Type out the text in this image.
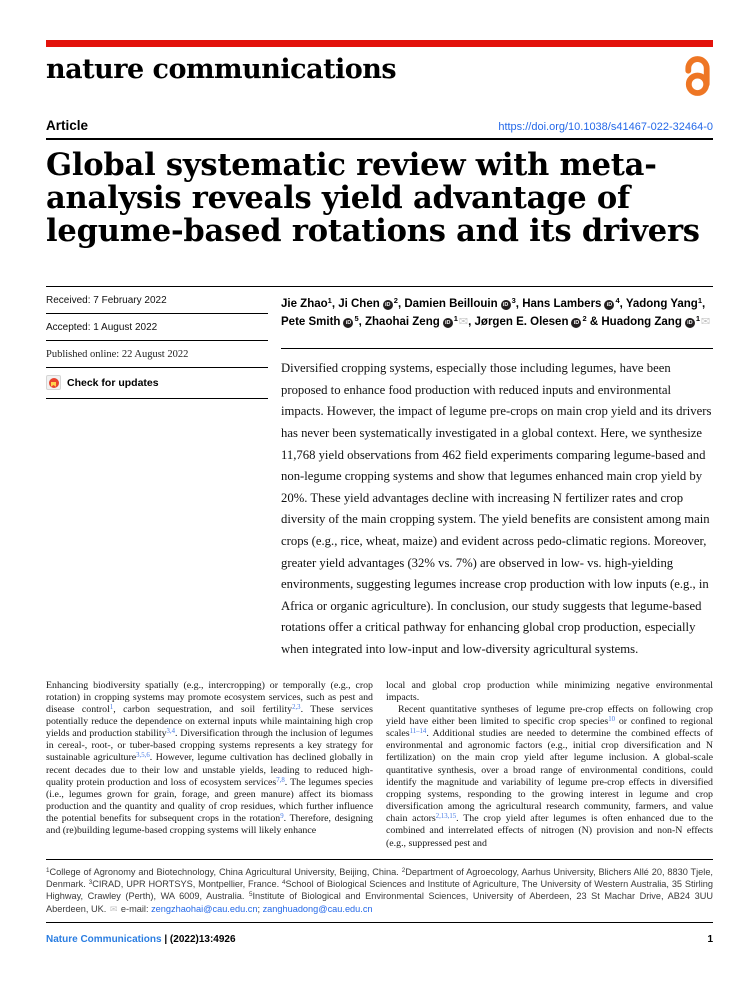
nature communications
Article	https://doi.org/10.1038/s41467-022-32464-0
Global systematic review with meta-analysis reveals yield advantage of legume-based rotations and its drivers
Received: 7 February 2022
Accepted: 1 August 2022
Published online: 22 August 2022
Check for updates
Jie Zhao$^1$, Ji Chen iD $^2$, Damien Beillouin iD $^3$, Hans Lambers iD $^4$, Yadong Yang$^1$, Pete Smith iD $^5$, Zhaohai Zeng iD $^1$✉, Jørgen E. Olesen iD $^2$ & Huadong Zang iD $^1$✉

Diversified cropping systems, especially those including legumes, have been proposed to enhance food production with reduced inputs and environmental impacts. However, the impact of legume pre-crops on main crop yield and its drivers has never been systematically investigated in a global context. Here, we synthesize 11,768 yield observations from 462 field experiments comparing legume-based and non-legume cropping systems and show that legumes enhanced main crop yield by 20%. These yield advantages decline with increasing N fertilizer rates and crop diversity of the main cropping system. The yield benefits are consistent among main crops (e.g., rice, wheat, maize) and evident across pedo-climatic regions. Moreover, greater yield advantages (32% vs. 7%) are observed in low- vs. high-yielding environments, suggesting legumes increase crop production with low inputs (e.g., in Africa or organic agriculture). In conclusion, our study suggests that legume-based rotations offer a critical pathway for enhancing global crop production, especially when integrated into low-input and low-diversity agricultural systems.

Enhancing biodiversity spatially (e.g., intercropping) or temporally (e.g., crop rotation) in cropping systems may promote ecosystem services, such as pest and disease control$^1$, carbon sequestration, and soil fertility$^{2,3}$. These services potentially reduce the dependence on external inputs while maintaining high crop yields and production stability$^{3,4}$. Diversification through the inclusion of legumes in cereal-, root-, or tuber-based cropping systems represents a key strategy for sustainable agriculture$^{3,5,6}$. However, legume cultivation has declined globally in recent decades due to their low and unstable yields, leading to reduced high-quality protein production and loss of ecosystem services$^{7,8}$. The legumes species (i.e., legumes grown for grain, forage, and green manure) affect its biomass production and the quantity and quality of crop residues, which further influence the potential benefits for subsequent crops in the rotation$^9$. Therefore, designing and (re)building legume-based cropping systems will likely enhance

local and global crop production while minimizing negative environmental impacts.

Recent quantitative syntheses of legume pre-crop effects on following crop yield have either been limited to specific crop species$^{10}$ or confined to regional scales$^{11-14}$. Additional studies are needed to determine the combined effects of environmental and agronomic factors (e.g., initial crop diversification and N fertilization) on the main crop yield after legume inclusion. A global-scale quantitative synthesis, over a broad range of environmental conditions, could identify the magnitude and variability of legume pre-crop effects in diversified cropping systems, responding to the growing interest in legume and crop diversification among the agricultural research community, farmers, and value chain actors$^{2,13,15}$. The crop yield after legumes is often enhanced due to the combined and interrelated effects of nitrogen (N) provision and non-N effects (e.g., suppressed pest and

$^1$College of Agronomy and Biotechnology, China Agricultural University, Beijing, China. $^2$Department of Agroecology, Aarhus University, Blichers Allé 20, 8830 Tjele, Denmark. $^3$CIRAD, UPR HORTSYS, Montpellier, France. $^4$School of Biological Sciences and Institute of Agriculture, The University of Western Australia, 35 Stirling Highway, Crawley (Perth), WA 6009, Australia. $^5$Institute of Biological and Environmental Sciences, University of Aberdeen, 23 St Machar Drive, AB24 3UU Aberdeen, UK. ✉ e-mail: zengzhaohai@cau.edu.cn; zanghuadong@cau.edu.cn
Nature Communications | (2022)13:4926	1
